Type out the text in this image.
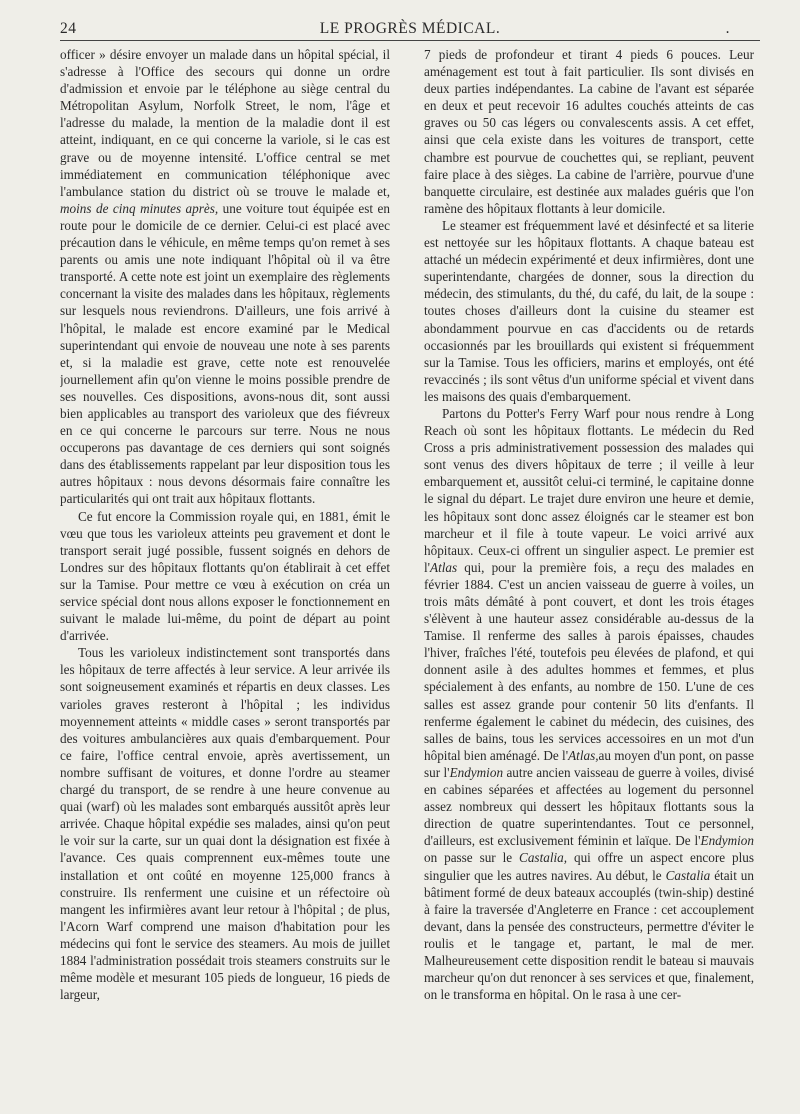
24	LE PROGRÈS MÉDICAL.	.

officer » désire envoyer un malade dans un hôpital spécial, il s'adresse à l'Office des secours qui donne un ordre d'admission et envoie par le téléphone au siège central du Métropolitan Asylum, Norfolk Street, le nom, l'âge et l'adresse du malade, la mention de la maladie dont il est atteint, indiquant, en ce qui concerne la variole, si le cas est grave ou de moyenne intensité. L'office central se met immédiatement en communication téléphonique avec l'ambulance station du district où se trouve le malade et, moins de cinq minutes après, une voiture tout équipée est en route pour le domicile de ce dernier. Celui-ci est placé avec précaution dans le véhicule, en même temps qu'on remet à ses parents ou amis une note indiquant l'hôpital où il va être transporté. A cette note est joint un exemplaire des règlements concernant la visite des malades dans les hôpitaux, règlements sur lesquels nous reviendrons. D'ailleurs, une fois arrivé à l'hôpital, le malade est encore examiné par le Medical superintendant qui envoie de nouveau une note à ses parents et, si la maladie est grave, cette note est renouvelée journellement afin qu'on vienne le moins possible prendre de ses nouvelles. Ces dispositions, avons-nous dit, sont aussi bien applicables au transport des varioleux que des fiévreux en ce qui concerne le parcours sur terre. Nous ne nous occuperons pas davantage de ces derniers qui sont soignés dans des établissements rappelant par leur disposition tous les autres hôpitaux : nous devons désormais faire connaître les particularités qui ont trait aux hôpitaux flottants.

Ce fut encore la Commission royale qui, en 1881, émit le vœu que tous les varioleux atteints peu gravement et dont le transport serait jugé possible, fussent soignés en dehors de Londres sur des hôpitaux flottants qu'on établirait à cet effet sur la Tamise. Pour mettre ce vœu à exécution on créa un service spécial dont nous allons exposer le fonctionnement en suivant le malade lui-même, du point de départ au point d'arrivée.

Tous les varioleux indistinctement sont transportés dans les hôpitaux de terre affectés à leur service. A leur arrivée ils sont soigneusement examinés et répartis en deux classes. Les varioles graves resteront à l'hôpital ; les individus moyennement atteints « middle cases » seront transportés par des voitures ambulancières aux quais d'embarquement. Pour ce faire, l'office central envoie, après avertissement, un nombre suffisant de voitures, et donne l'ordre au steamer chargé du transport, de se rendre à une heure convenue au quai (warf) où les malades sont embarqués aussitôt après leur arrivée. Chaque hôpital expédie ses malades, ainsi qu'on peut le voir sur la carte, sur un quai dont la désignation est fixée à l'avance. Ces quais comprennent eux-mêmes toute une installation et ont coûté en moyenne 125,000 francs à construire. Ils renferment une cuisine et un réfectoire où mangent les infirmières avant leur retour à l'hôpital ; de plus, l'Acorn Warf comprend une maison d'habitation pour les médecins qui font le service des steamers. Au mois de juillet 1884 l'administration possédait trois steamers construits sur le même modèle et mesurant 105 pieds de longueur, 16 pieds de largeur,

7 pieds de profondeur et tirant 4 pieds 6 pouces. Leur aménagement est tout à fait particulier. Ils sont divisés en deux parties indépendantes. La cabine de l'avant est séparée en deux et peut recevoir 16 adultes couchés atteints de cas graves ou 50 cas légers ou convalescents assis. A cet effet, ainsi que cela existe dans les voitures de transport, cette chambre est pourvue de couchettes qui, se repliant, peuvent faire place à des sièges. La cabine de l'arrière, pourvue d'une banquette circulaire, est destinée aux malades guéris que l'on ramène des hôpitaux flottants à leur domicile.

Le steamer est fréquemment lavé et désinfecté et sa literie est nettoyée sur les hôpitaux flottants. A chaque bateau est attaché un médecin expérimenté et deux infirmières, dont une superintendante, chargées de donner, sous la direction du médecin, des stimulants, du thé, du café, du lait, de la soupe : toutes choses d'ailleurs dont la cuisine du steamer est abondamment pourvue en cas d'accidents ou de retards occasionnés par les brouillards qui existent si fréquemment sur la Tamise. Tous les officiers, marins et employés, ont été revaccinés ; ils sont vêtus d'un uniforme spécial et vivent dans les maisons des quais d'embarquement.

Partons du Potter's Ferry Warf pour nous rendre à Long Reach où sont les hôpitaux flottants. Le médecin du Red Cross a pris administrativement possession des malades qui sont venus des divers hôpitaux de terre ; il veille à leur embarquement et, aussitôt celui-ci terminé, le capitaine donne le signal du départ. Le trajet dure environ une heure et demie, les hôpitaux sont donc assez éloignés car le steamer est bon marcheur et il file à toute vapeur. Le voici arrivé aux hôpitaux. Ceux-ci offrent un singulier aspect. Le premier est l'Atlas qui, pour la première fois, a reçu des malades en février 1884. C'est un ancien vaisseau de guerre à voiles, un trois mâts démâté à pont couvert, et dont les trois étages s'élèvent à une hauteur assez considérable au-dessus de la Tamise. Il renferme des salles à parois épaisses, chaudes l'hiver, fraîches l'été, toutefois peu élevées de plafond, et qui donnent asile à des adultes hommes et femmes, et plus spécialement à des enfants, au nombre de 150. L'une de ces salles est assez grande pour contenir 50 lits d'enfants. Il renferme également le cabinet du médecin, des cuisines, des salles de bains, tous les services accessoires en un mot d'un hôpital bien aménagé. De l'Atlas,au moyen d'un pont, on passe sur l'Endymion autre ancien vaisseau de guerre à voiles, divisé en cabines séparées et affectées au logement du personnel assez nombreux qui dessert les hôpitaux flottants sous la direction de quatre superintendantes. Tout ce personnel, d'ailleurs, est exclusivement féminin et laïque. De l'Endymion on passe sur le Castalia, qui offre un aspect encore plus singulier que les autres navires. Au début, le Castalia était un bâtiment formé de deux bateaux accouplés (twin-ship) destiné à faire la traversée d'Angleterre en France : cet accouplement devant, dans la pensée des constructeurs, permettre d'éviter le roulis et le tangage et, partant, le mal de mer. Malheureusement cette disposition rendit le bateau si mauvais marcheur qu'on dut renoncer à ses services et que, finalement, on le transforma en hôpital. On le rasa à une cer-
